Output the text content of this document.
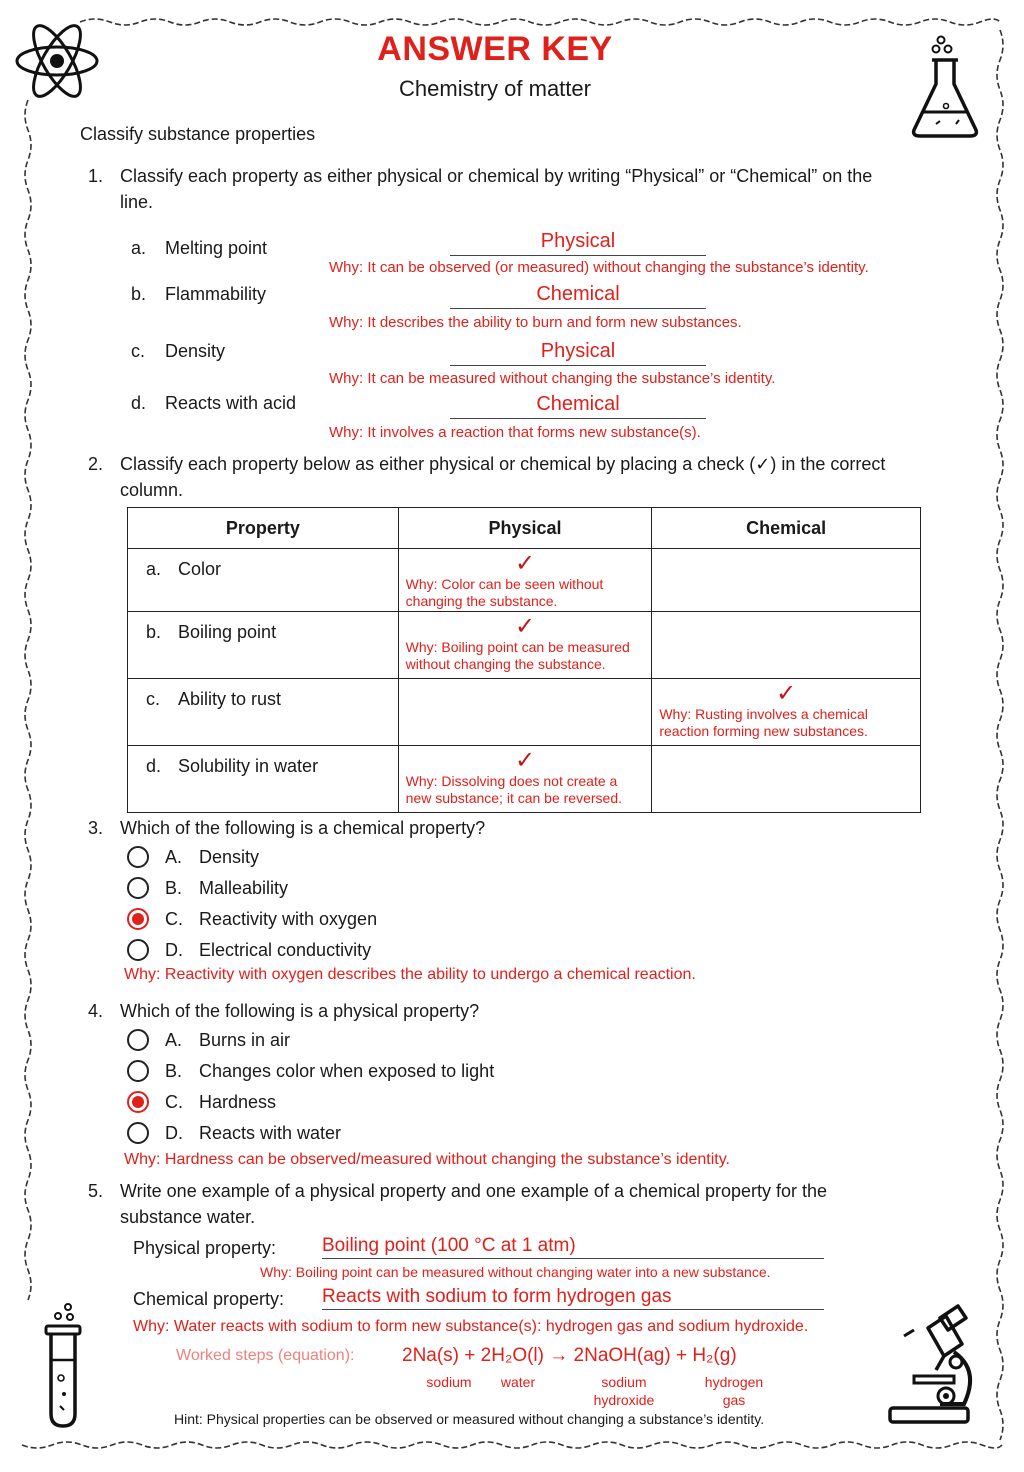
ANSWER KEY
Chemistry of matter
Classify substance properties
1. Classify each property as either physical or chemical by writing “Physical” or “Chemical” on the line.
a. Melting point	Physical
Why: It can be observed (or measured) without changing the substance’s identity.
b. Flammability	Chemical
Why: It describes the ability to burn and form new substances.
c. Density	Physical
Why: It can be measured without changing the substance’s identity.
d. Reacts with acid	Chemical
Why: It involves a reaction that forms new substance(s).
2. Classify each property below as either physical or chemical by placing a check (✓) in the correct column.
Property	Physical	Chemical
a. Color	✓
Why: Color can be seen without changing the substance.	

b. Boiling point	✓
Why: Boiling point can be measured without changing the substance.	

c. Ability to rust		✓
Why: Rusting involves a chemical reaction forming new substances.

d. Solubility in water	✓
Why: Dissolving does not create a new substance; it can be reversed.	

3. Which of the following is a chemical property?
A. Density
B. Malleability
C. Reactivity with oxygen
D. Electrical conductivity
Why: Reactivity with oxygen describes the ability to undergo a chemical reaction.
4. Which of the following is a physical property?
A. Burns in air
B. Changes color when exposed to light
C. Hardness
D. Reacts with water
Why: Hardness can be observed/measured without changing the substance’s identity.
5. Write one example of a physical property and one example of a chemical property for the substance water.
Physical property: Boiling point (100 °C at 1 atm)
Why: Boiling point can be measured without changing water into a new substance.
Chemical property: Reacts with sodium to form hydrogen gas
Why: Water reacts with sodium to form new substance(s): hydrogen gas and sodium hydroxide.
Worked steps (equation):	2Na(s) + 2H₂O(l) → 2NaOH(ag) + H₂(g)
sodium	water	sodium hydroxide
hydrogen gas
Hint: Physical properties can be observed or measured without changing a substance’s identity.
